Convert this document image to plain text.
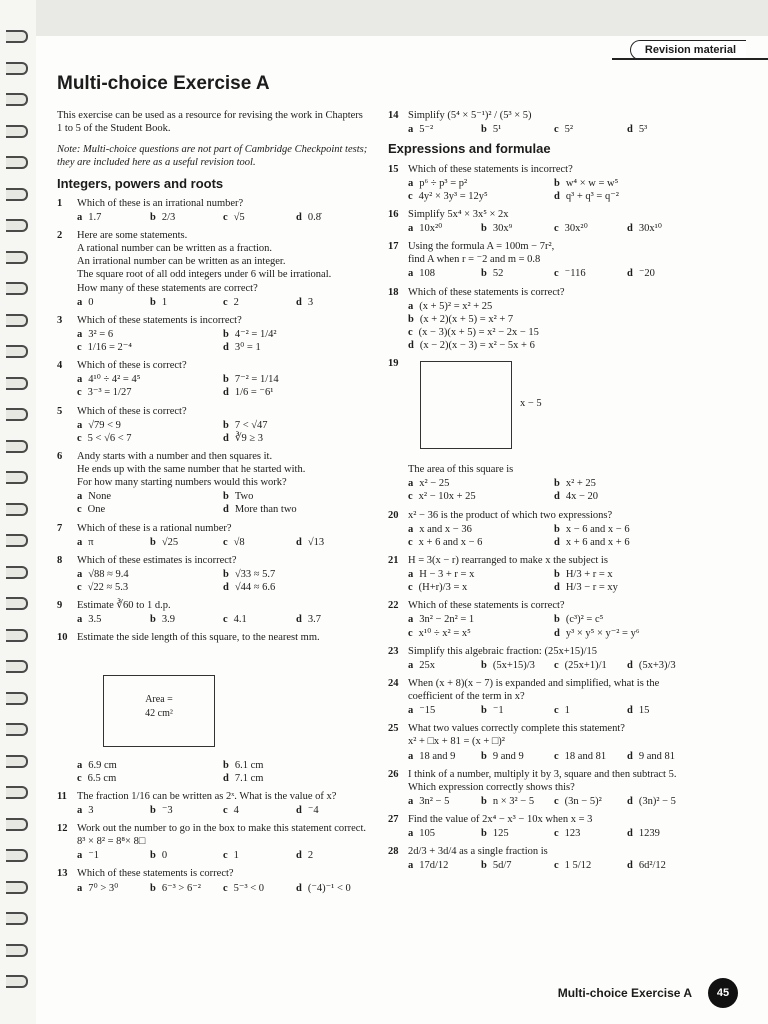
Revision material
Multi-choice Exercise A

This exercise can be used as a resource for revising the work in Chapters 1 to 5 of the Student Book.

Note: Multi-choice questions are not part of Cambridge Checkpoint tests; they are included here as a useful revision tool.

Integers, powers and roots
1 Which of these is an irrational number?
a 1.7	b 2/3	c √5	d 0.8̇
2 Here are some statements.
A rational number can be written as a fraction.
An irrational number can be written as an integer.
The square root of all odd integers under 6 will be irrational.
How many of these statements are correct?
a 0	b 1	c 2	d 3
3 Which of these statements is incorrect?
a 3² = 6	b 4⁻² = 1/4²
c 1/16 = 2⁻⁴	d 3⁰ = 1
4 Which of these is correct?
a 4¹⁰ ÷ 4² = 4⁵	b 7⁻² = 1/14
c 3⁻³ = 1/27	d 1/6 = ⁻6¹
5 Which of these is correct?
a √79 < 9	b 7 < √47
c 5 < √6 < 7	d ∛9 ≥ 3
6 Andy starts with a number and then squares it.
He ends up with the same number that he started with.
For how many starting numbers would this work?
a None	b Two
c One	d More than two
7 Which of these is a rational number?
a π	b √25	c √8	d √13
8 Which of these estimates is incorrect?
a √88 ≈ 9.4	b √33 ≈ 5.7
c √22 ≈ 5.3	d √44 ≈ 6.6
9 Estimate ∛60 to 1 d.p.
a 3.5	b 3.9	c 4.1	d 3.7
10 Estimate the side length of this square, to the nearest mm.
Area =
42 cm²
a 6.9 cm	b 6.1 cm
c 6.5 cm	d 7.1 cm
11 The fraction 1/16 can be written as 2ˣ. What is the value of x?
a 3	b ⁻3	c 4	d ⁻4
12 Work out the number to go in the box to make this statement correct. 8³ × 8² = 8⁸× 8□
a ⁻1	b 0	c 1	d 2
13 Which of these statements is correct?
a 7⁰ > 3⁰	b 6⁻³ > 6⁻²	c 5⁻³ < 0	d (⁻4)⁻¹ < 0
14 Simplify (5⁴ × 5⁻¹)² / (5³ × 5)
a 5⁻²	b 5¹	c 5²	d 5³
Expressions and formulae
15 Which of these statements is incorrect?
a p⁶ ÷ p³ = p²	b w⁴ × w = w⁵
c 4y² × 3y³ = 12y⁵	d q³ + q³ = q⁻²
16 Simplify 5x⁴ × 3x⁵ × 2x
a 10x²⁰	b 30x⁹	c 30x²⁰	d 30x¹⁰
17 Using the formula A = 100m − 7r²,
find A when r = ⁻2 and m = 0.8
a 108	b 52	c ⁻116	d ⁻20
18 Which of these statements is correct?
a (x + 5)² = x² + 25
b (x + 2)(x + 5) = x² + 7
c (x − 3)(x + 5) = x² − 2x − 15
d (x − 2)(x − 3) = x² − 5x + 6
19
x − 5
The area of this square is
a x² − 25	b x² + 25
c x² − 10x + 25	d 4x − 20
20 x² − 36 is the product of which two expressions?
a x and x − 36	b x − 6 and x − 6
c x + 6 and x − 6	d x + 6 and x + 6
21 H = 3(x − r) rearranged to make x the subject is
a H − 3 + r = x	b H/3 + r = x
c (H+r)/3 = x	d H/3 − r = xy
22 Which of these statements is correct?
a 3n² − 2n² = 1	b (c³)² = c⁵
c x¹⁰ ÷ x² = x⁵	d y³ × y⁵ × y⁻² = y⁶
23 Simplify this algebraic fraction: (25x+15)/15
a 25x	b (5x+15)/3	c (25x+1)/1	d (5x+3)/3
24 When (x + 8)(x − 7) is expanded and simplified, what is the coefficient of the term in x?
a ⁻15	b ⁻1	c 1	d 15
25 What two values correctly complete this statement?
x² + □x + 81 = (x + □)²
a 18 and 9	b 9 and 9	c 18 and 81	d 9 and 81
26 I think of a number, multiply it by 3, square and then subtract 5. Which expression correctly shows this?
a 3n² − 5	b n × 3² − 5	c (3n − 5)²	d (3n)² − 5
27 Find the value of 2x⁴ − x³ − 10x when x = 3
a 105	b 125	c 123	d 1239
28 2d/3 + 3d/4 as a single fraction is
a 17d/12	b 5d/7	c 1 5/12	d 6d²/12
Multi-choice Exercise A	45
